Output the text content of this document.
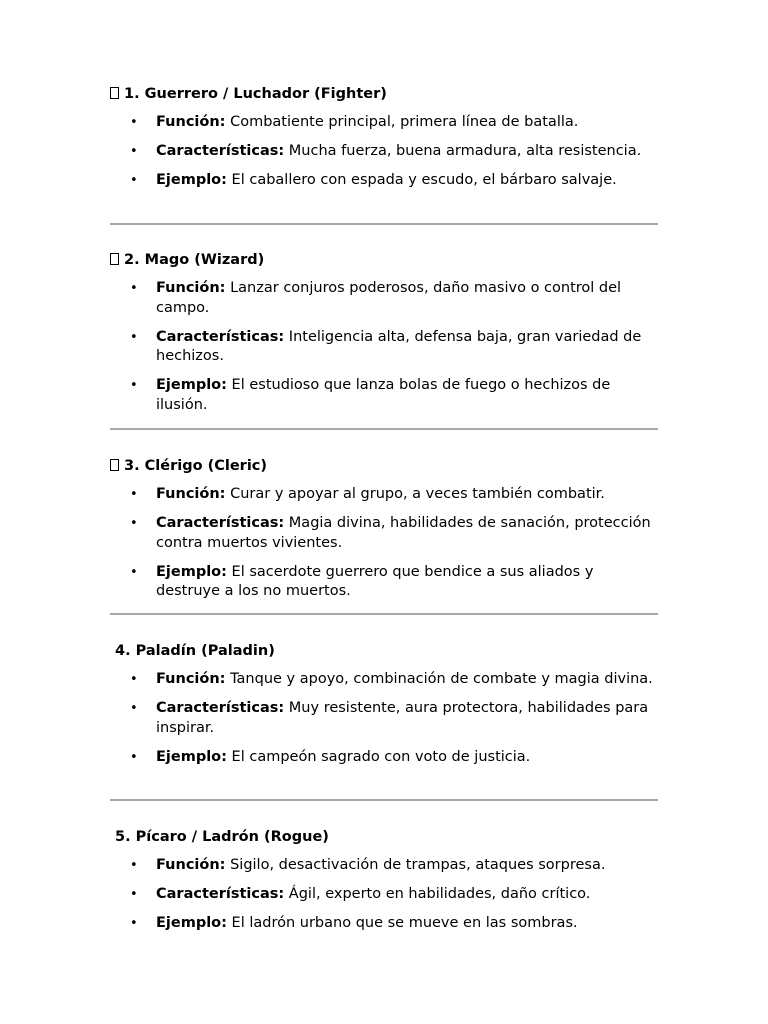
1. Guerrero / Luchador (Fighter)

• Función: Combatiente principal, primera línea de batalla.
• Características: Mucha fuerza, buena armadura, alta resistencia.
• Ejemplo: El caballero con espada y escudo, el bárbaro salvaje.

2. Mago (Wizard)

• Función: Lanzar conjuros poderosos, daño masivo o control del campo.
• Características: Inteligencia alta, defensa baja, gran variedad de hechizos.
• Ejemplo: El estudioso que lanza bolas de fuego o hechizos de ilusión.

3. Clérigo (Cleric)

• Función: Curar y apoyar al grupo, a veces también combatir.
• Características: Magia divina, habilidades de sanación, protección contra muertos vivientes.
• Ejemplo: El sacerdote guerrero que bendice a sus aliados y destruye a los no muertos.

4. Paladín (Paladin)

• Función: Tanque y apoyo, combinación de combate y magia divina.
• Características: Muy resistente, aura protectora, habilidades para inspirar.
• Ejemplo: El campeón sagrado con voto de justicia.

5. Pícaro / Ladrón (Rogue)

• Función: Sigilo, desactivación de trampas, ataques sorpresa.
• Características: Ágil, experto en habilidades, daño crítico.
• Ejemplo: El ladrón urbano que se mueve en las sombras.
